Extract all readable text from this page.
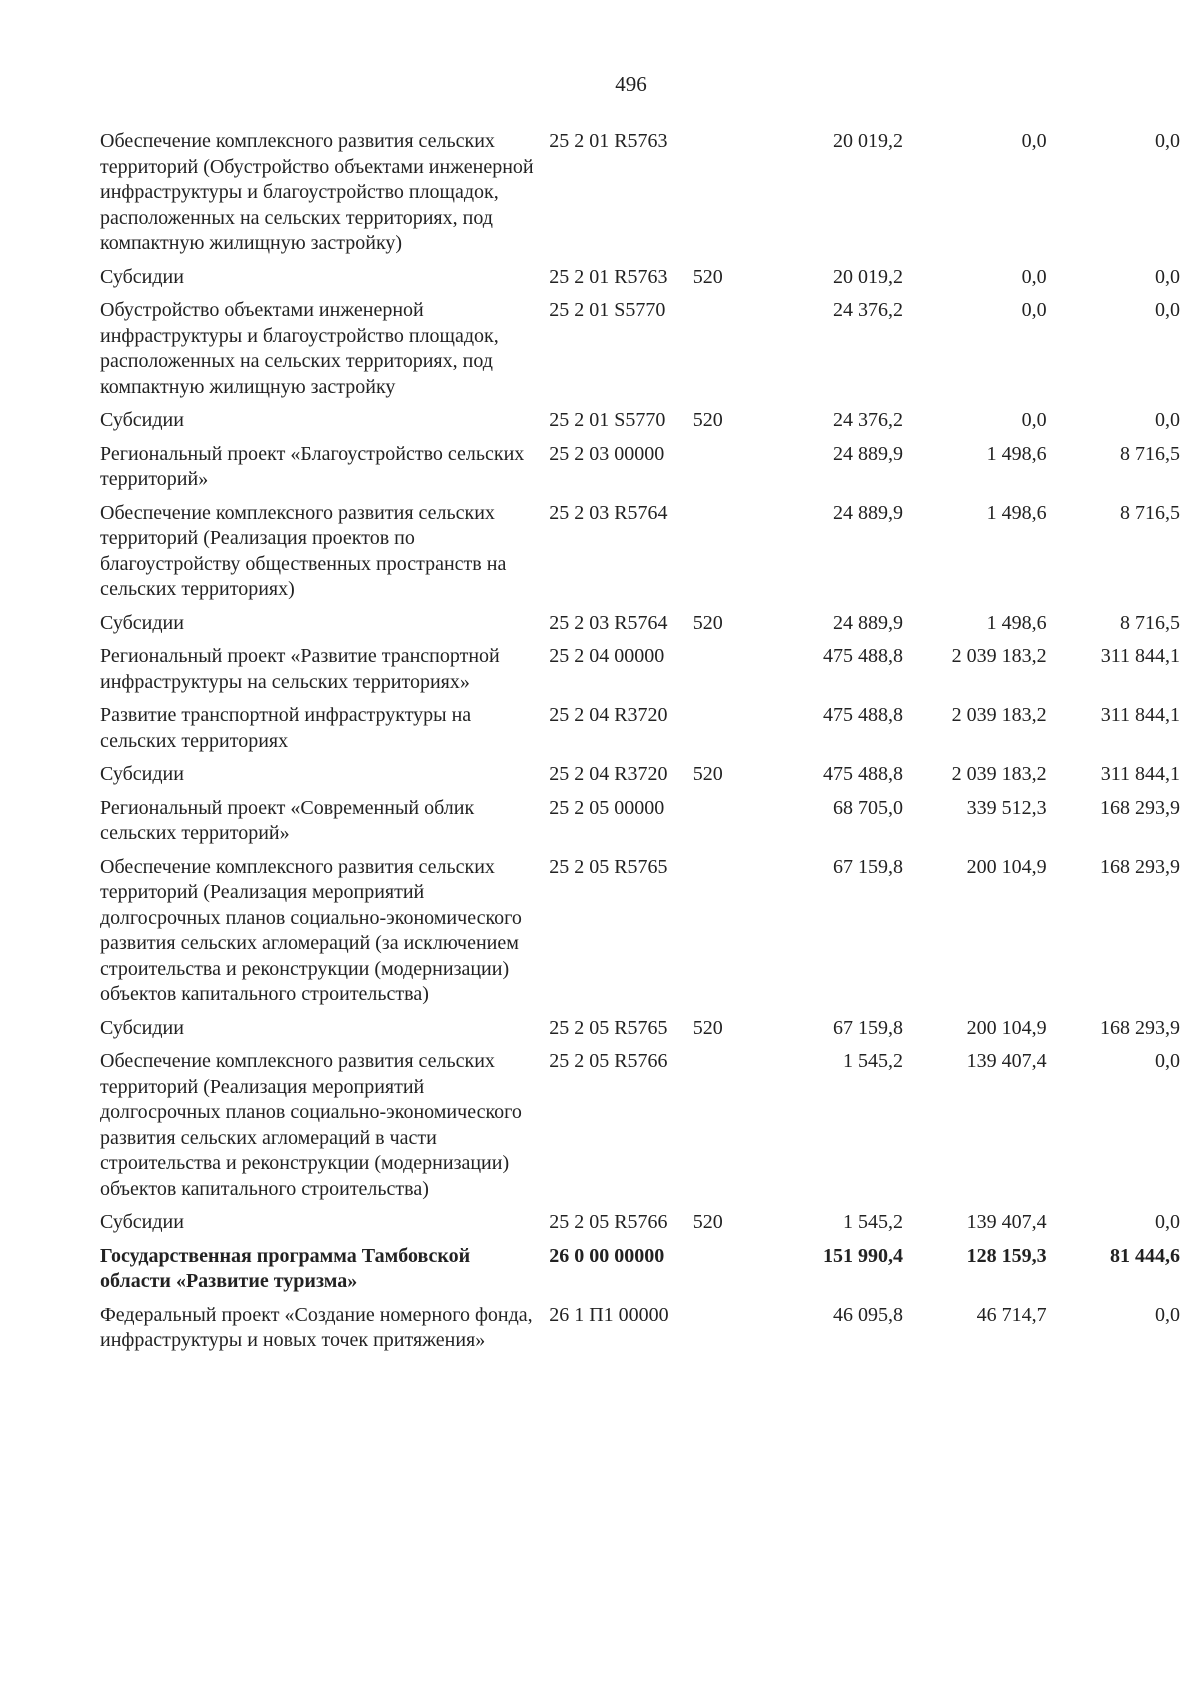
496
Обеспечение комплексного развития сельских территорий (Обустройство объектами инженерной инфраструктуры и благоустройство площадок, расположенных на сельских территориях, под компактную жилищную застройку)	25 2 01 R5763		20 019,2	0,0	0,0
Субсидии	25 2 01 R5763	520	20 019,2	0,0	0,0
Обустройство объектами инженерной инфраструктуры и благоустройство площадок, расположенных на сельских территориях, под компактную жилищную застройку	25 2 01 S5770		24 376,2	0,0	0,0
Субсидии	25 2 01 S5770	520	24 376,2	0,0	0,0
Региональный проект «Благоустройство сельских территорий»	25 2 03 00000		24 889,9	1 498,6	8 716,5
Обеспечение комплексного развития сельских территорий (Реализация проектов по благоустройству общественных пространств на сельских территориях)	25 2 03 R5764		24 889,9	1 498,6	8 716,5
Субсидии	25 2 03 R5764	520	24 889,9	1 498,6	8 716,5
Региональный проект «Развитие транспортной инфраструктуры на сельских территориях»	25 2 04 00000		475 488,8	2 039 183,2	311 844,1
Развитие транспортной инфраструктуры на сельских территориях	25 2 04 R3720		475 488,8	2 039 183,2	311 844,1
Субсидии	25 2 04 R3720	520	475 488,8	2 039 183,2	311 844,1
Региональный проект «Современный облик сельских территорий»	25 2 05 00000		68 705,0	339 512,3	168 293,9
Обеспечение комплексного развития сельских территорий (Реализация мероприятий долгосрочных планов социально-экономического развития сельских агломераций (за исключением строительства и реконструкции (модернизации) объектов капитального строительства)	25 2 05 R5765		67 159,8	200 104,9	168 293,9
Субсидии	25 2 05 R5765	520	67 159,8	200 104,9	168 293,9
Обеспечение комплексного развития сельских территорий (Реализация мероприятий долгосрочных планов социально-экономического развития сельских агломераций в части строительства и реконструкции (модернизации) объектов капитального строительства)	25 2 05 R5766		1 545,2	139 407,4	0,0
Субсидии	25 2 05 R5766	520	1 545,2	139 407,4	0,0
Государственная программа Тамбовской области «Развитие туризма»	26 0 00 00000		151 990,4	128 159,3	81 444,6
Федеральный проект «Создание номерного фонда, инфраструктуры и новых точек притяжения»	26 1 П1 00000		46 095,8	46 714,7	0,0
